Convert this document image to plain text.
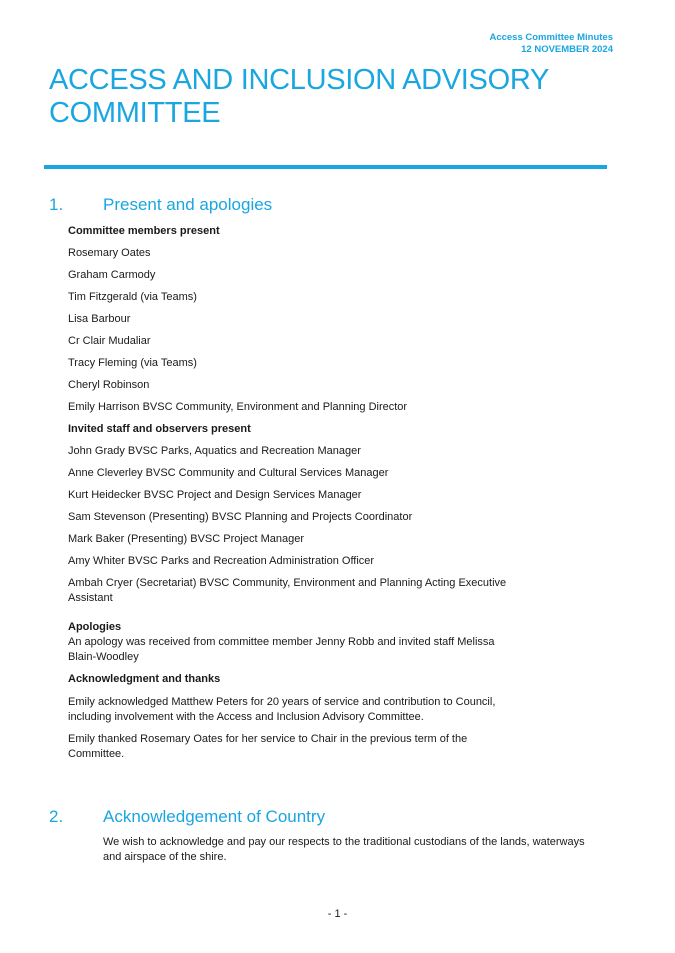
Access Committee Minutes
12 NOVEMBER 2024
ACCESS AND INCLUSION ADVISORY
COMMITTEE
1. Present and apologies
Committee members present
Rosemary Oates
Graham Carmody
Tim Fitzgerald (via Teams)
Lisa Barbour
Cr Clair Mudaliar
Tracy Fleming (via Teams)
Cheryl Robinson
Emily Harrison BVSC Community, Environment and Planning Director
Invited staff and observers present
John Grady BVSC Parks, Aquatics and Recreation Manager
Anne Cleverley BVSC Community and Cultural Services Manager
Kurt Heidecker BVSC Project and Design Services Manager
Sam Stevenson (Presenting) BVSC Planning and Projects Coordinator
Mark Baker (Presenting) BVSC Project Manager
Amy Whiter BVSC Parks and Recreation Administration Officer
Ambah Cryer (Secretariat) BVSC Community, Environment and Planning Acting Executive
Assistant
Apologies
An apology was received from committee member Jenny Robb and invited staff Melissa
Blain-Woodley
Acknowledgment and thanks
Emily acknowledged Matthew Peters for 20 years of service and contribution to Council,
including involvement with the Access and Inclusion Advisory Committee.
Emily thanked Rosemary Oates for her service to Chair in the previous term of the
Committee.
2. Acknowledgement of Country
We wish to acknowledge and pay our respects to the traditional custodians of the lands, waterways
and airspace of the shire.
- 1 -
